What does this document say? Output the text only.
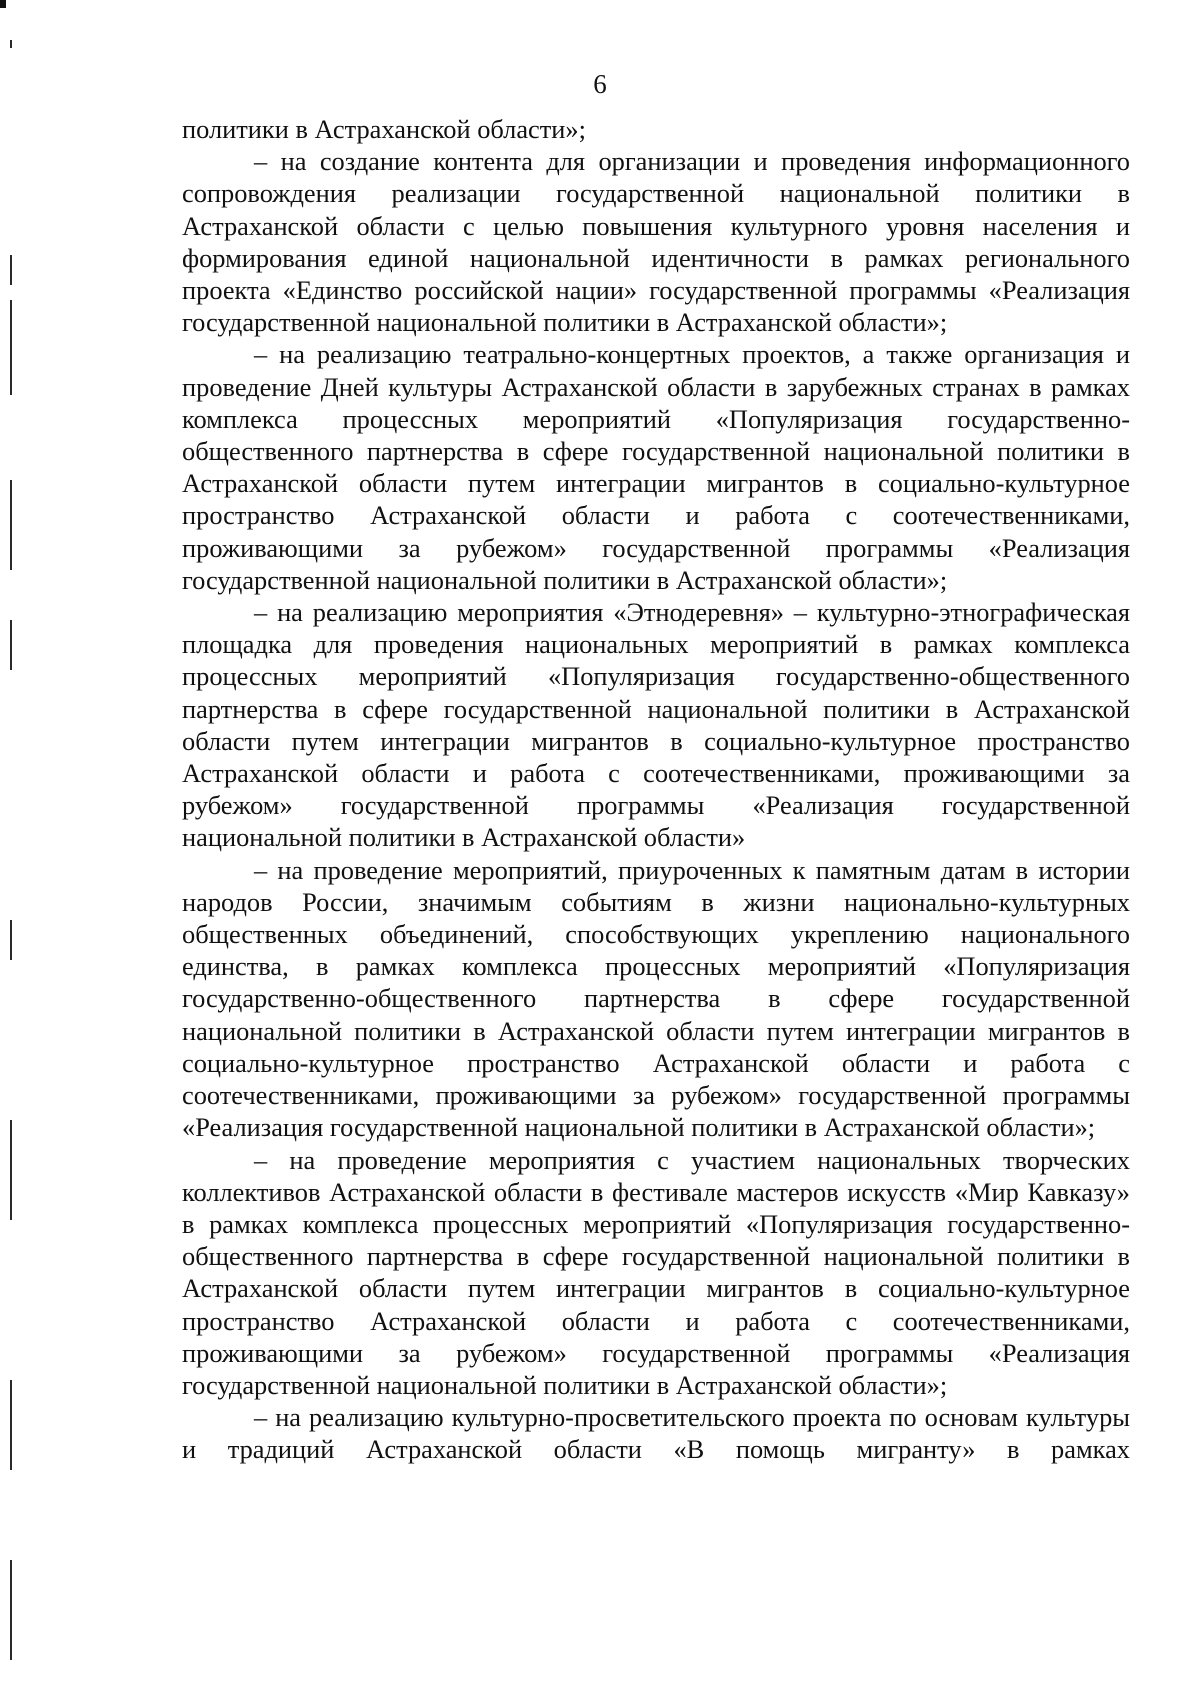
6

политики в Астраханской области»;

– на создание контента для организации и проведения информационного сопровождения реализации государственной национальной политики в Астраханской области с целью повышения культурного уровня населения и формирования единой национальной идентичности в рамках регионального проекта «Единство российской нации» государственной программы «Реализация государственной национальной политики в Астраханской области»;

– на реализацию театрально-концертных проектов, а также организация и проведение Дней культуры Астраханской области в зарубежных странах в рамках комплекса процессных мероприятий «Популяризация государственно-общественного партнерства в сфере государственной национальной политики в Астраханской области путем интеграции мигрантов в социально-культурное пространство Астраханской области и работа с соотечественниками, проживающими за рубежом» государственной программы «Реализация государственной национальной политики в Астраханской области»;

– на реализацию мероприятия «Этнодеревня» – культурно-этнографическая площадка для проведения национальных мероприятий в рамках комплекса процессных мероприятий «Популяризация государственно-общественного партнерства в сфере государственной национальной политики в Астраханской области путем интеграции мигрантов в социально-культурное пространство Астраханской области и работа с соотечественниками, проживающими за рубежом» государственной программы «Реализация государственной национальной политики в Астраханской области»

– на проведение мероприятий, приуроченных к памятным датам в истории народов России, значимым событиям в жизни национально-культурных общественных объединений, способствующих укреплению национального единства, в рамках комплекса процессных мероприятий «Популяризация государственно-общественного партнерства в сфере государственной национальной политики в Астраханской области путем интеграции мигрантов в социально-культурное пространство Астраханской области и работа с соотечественниками, проживающими за рубежом» государственной программы «Реализация государственной национальной политики в Астраханской области»;

– на проведение мероприятия с участием национальных творческих коллективов Астраханской области в фестивале мастеров искусств «Мир Кавказу» в рамках комплекса процессных мероприятий «Популяризация государственно-общественного партнерства в сфере государственной национальной политики в Астраханской области путем интеграции мигрантов в социально-культурное пространство Астраханской области и работа с соотечественниками, проживающими за рубежом» государственной программы «Реализация государственной национальной политики в Астраханской области»;

– на реализацию культурно-просветительского проекта по основам культуры и традиций Астраханской области «В помощь мигранту» в рамках
